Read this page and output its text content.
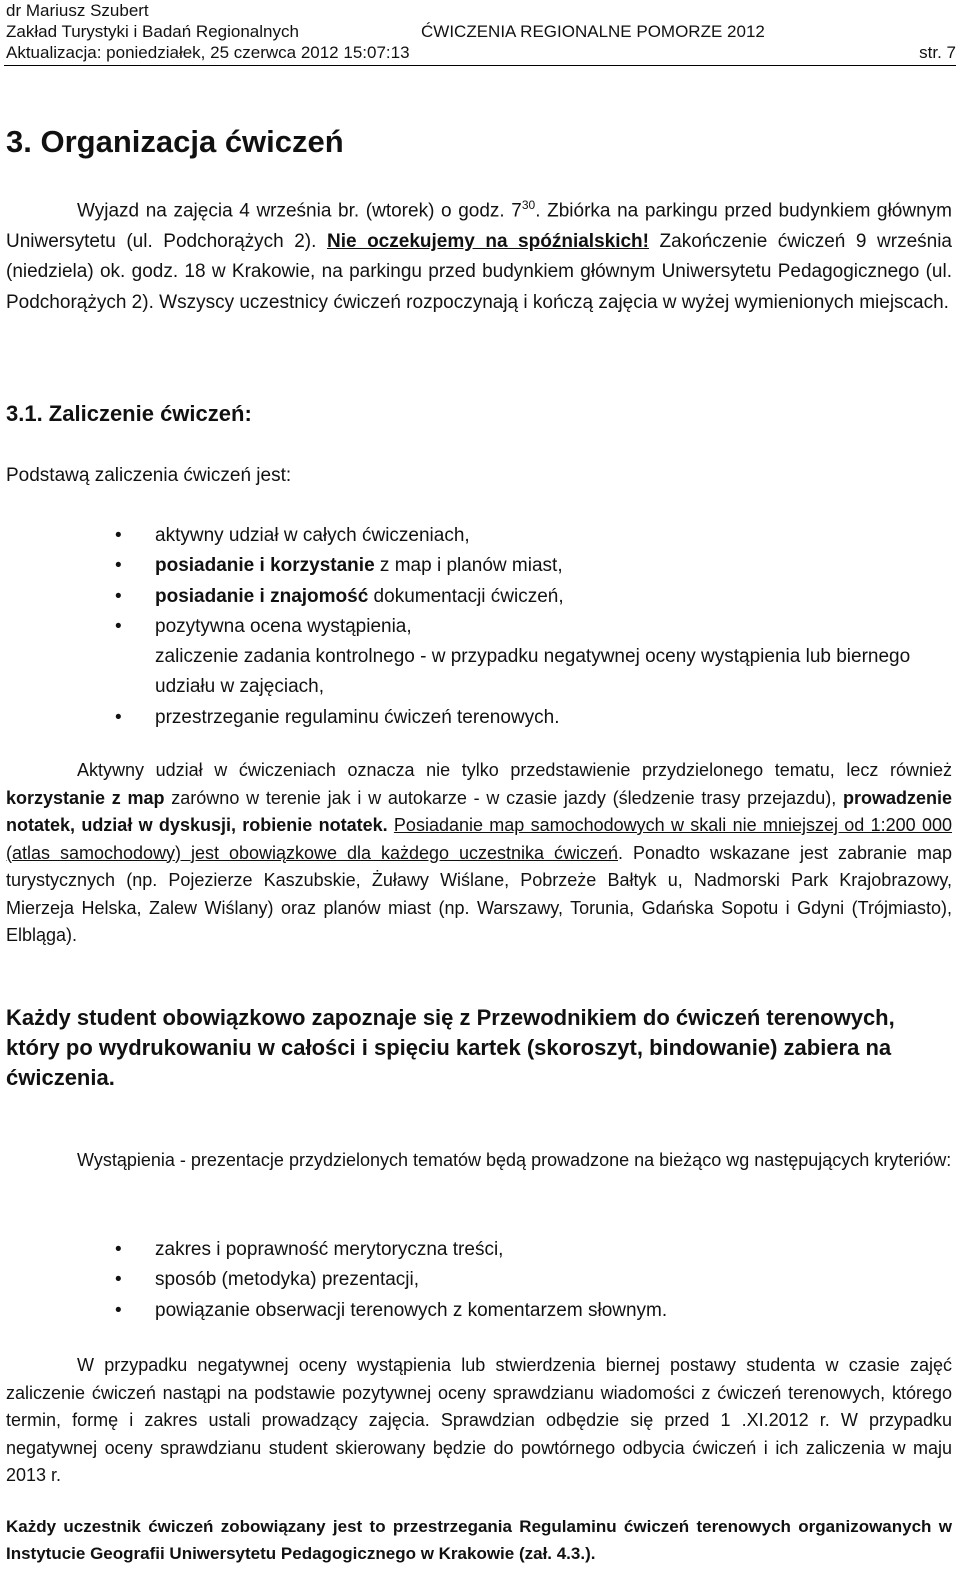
dr Mariusz Szubert
Zakład Turystyki i Badań Regionalnych	ĆWICZENIA REGIONALNE POMORZE 2012
Aktualizacja: poniedziałek, 25 czerwca 2012 15:07:13	str. 7
3. Organizacja ćwiczeń

Wyjazd na zajęcia 4 września br. (wtorek) o godz. $7^{30}$. Zbiórka na parkingu przed budynkiem głównym Uniwersytetu (ul. Podchorążych 2). Nie oczekujemy na spóźnialskich! Zakończenie ćwiczeń 9 września (niedziela) ok. godz. 18 w Krakowie, na parkingu przed budynkiem głównym Uniwersytetu Pedagogicznego (ul. Podchorążych 2). Wszyscy uczestnicy ćwiczeń rozpoczynają i kończą zajęcia w wyżej wymienionych miejscach.

3.1. Zaliczenie ćwiczeń:

Podstawą zaliczenia ćwiczeń jest:

• aktywny udział w całych ćwiczeniach,
• posiadanie i korzystanie z map i planów miast,
• posiadanie i znajomość dokumentacji ćwiczeń,
• pozytywna ocena wystąpienia,
zaliczenie zadania kontrolnego - w przypadku negatywnej oceny wystąpienia lub biernego udziału w zajęciach,
• przestrzeganie regulaminu ćwiczeń terenowych.

Aktywny udział w ćwiczeniach oznacza nie tylko przedstawienie przydzielonego tematu, lecz również korzystanie z map zarówno w terenie jak i w autokarze - w czasie jazdy (śledzenie trasy przejazdu), prowadzenie notatek, udział w dyskusji, robienie notatek. Posiadanie map samochodowych w skali nie mniejszej od 1:200 000 (atlas samochodowy) jest obowiązkowe dla każdego uczestnika ćwiczeń. Ponadto wskazane jest zabranie map turystycznych (np. Pojezierze Kaszubskie, Żuławy Wiślane, Pobrzeże Bałtyk u, Nadmorski Park Krajobrazowy, Mierzeja Helska, Zalew Wiślany) oraz planów miast (np. Warszawy, Torunia, Gdańska Sopotu i Gdyni (Trójmiasto), Elbląga).

Każdy student obowiązkowo zapoznaje się z Przewodnikiem do ćwiczeń terenowych, który po wydrukowaniu w całości i spięciu kartek (skoroszyt, bindowanie) zabiera na ćwiczenia.

Wystąpienia - prezentacje przydzielonych tematów będą prowadzone na bieżąco wg następujących kryteriów:

• zakres i poprawność merytoryczna treści,
• sposób (metodyka) prezentacji,
• powiązanie obserwacji terenowych z komentarzem słownym.

W przypadku negatywnej oceny wystąpienia lub stwierdzenia biernej postawy studenta w czasie zajęć zaliczenie ćwiczeń nastąpi na podstawie pozytywnej oceny sprawdzianu wiadomości z ćwiczeń terenowych, którego termin, formę i zakres ustali prowadzący zajęcia. Sprawdzian odbędzie się przed 1 .XI.2012 r. W przypadku negatywnej oceny sprawdzianu student skierowany będzie do powtórnego odbycia ćwiczeń i ich zaliczenia w maju 2013 r.

Każdy uczestnik ćwiczeń zobowiązany jest to przestrzegania Regulaminu ćwiczeń terenowych organizowanych w Instytucie Geografii Uniwersytetu Pedagogicznego w Krakowie (zał. 4.3.).
